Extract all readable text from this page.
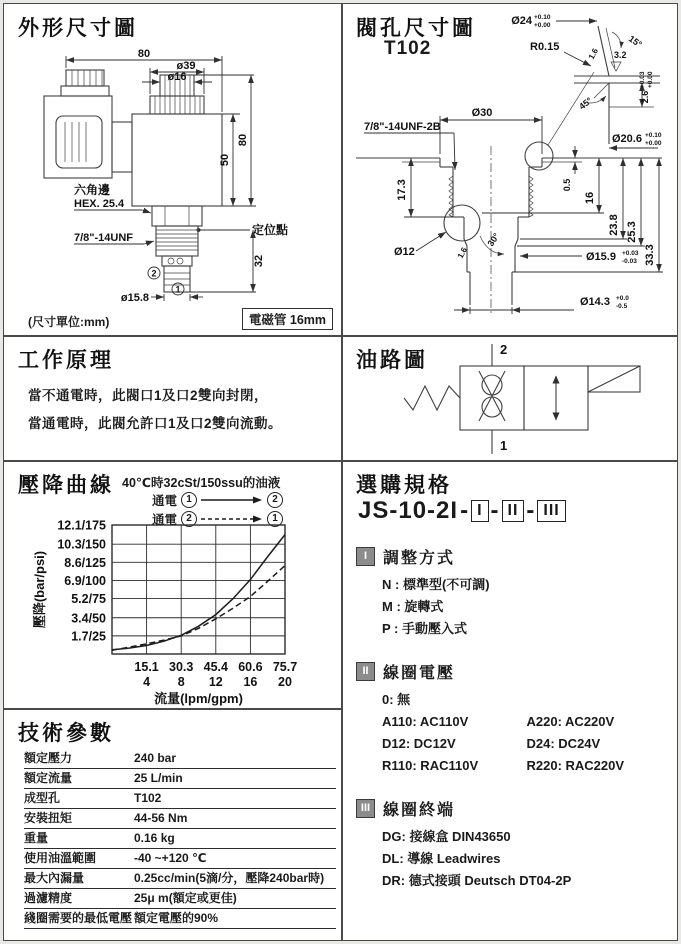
外形尺寸圖
80
ø39
ø16
50
80
定位點
32
六角邊
HEX. 25.4
7/8"-14UNF
ø15.8
2
1
(尺寸單位:mm)	電磁管 16mm
閥孔尺寸圖
T102
Ø24 +0.10
+0.00
R0.15	15°
1.6 3.2
45°	2.6
+0.03 +0.00
Ø20.6 +0.10
+0.00
Ø30
7/8"-14UNF-2B
17.3	0.5
16
23.8 25.3
33.3
Ø12
30°
1.6	Ø15.9 +0.03
-0.03
Ø14.3 +0.0
-0.5
工作原理
當不通電時，此閥口1及口2雙向封閉，
當通電時，此閥允許口1及口2雙向流動。
油路圖	2
1
壓降曲線 40℃時32cSt/150ssu的油液
通電 1	2
通電 2	1
1.7/25
3.4/50
5.2/75
6.9/100
8.6/125
10.3/150
12.1/175
15.1
4
30.3
8
45.4
12
60.6
16
75.7
20
流量(lpm/gpm)
壓降(bar/psi)
技術參數
額定壓力	240 bar
額定流量	25 L/min
成型孔	T102
安裝扭矩	44-56 Nm
重量	0.16 kg
使用油溫範圍	-40 ~+120 ℃
最大內漏量	0.25cc/min(5滴/分，壓降240bar時)
過濾精度	25μ m(額定或更佳)
綫圈需要的最低電壓 額定電壓的90%
選購規格
JS-10-2I - I - II - III
I 調整方式
N : 標準型(不可調)
M : 旋轉式
P : 手動壓入式
II 線圈電壓
0: 無
A110: AC110V	A220: AC220V
D12: DC12V	D24: DC24V
R110: RAC110V	R220: RAC220V
III 線圈終端
DG: 接線盒 DIN43650
DL: 導線 Leadwires
DR: 德式接頭 Deutsch DT04-2P
